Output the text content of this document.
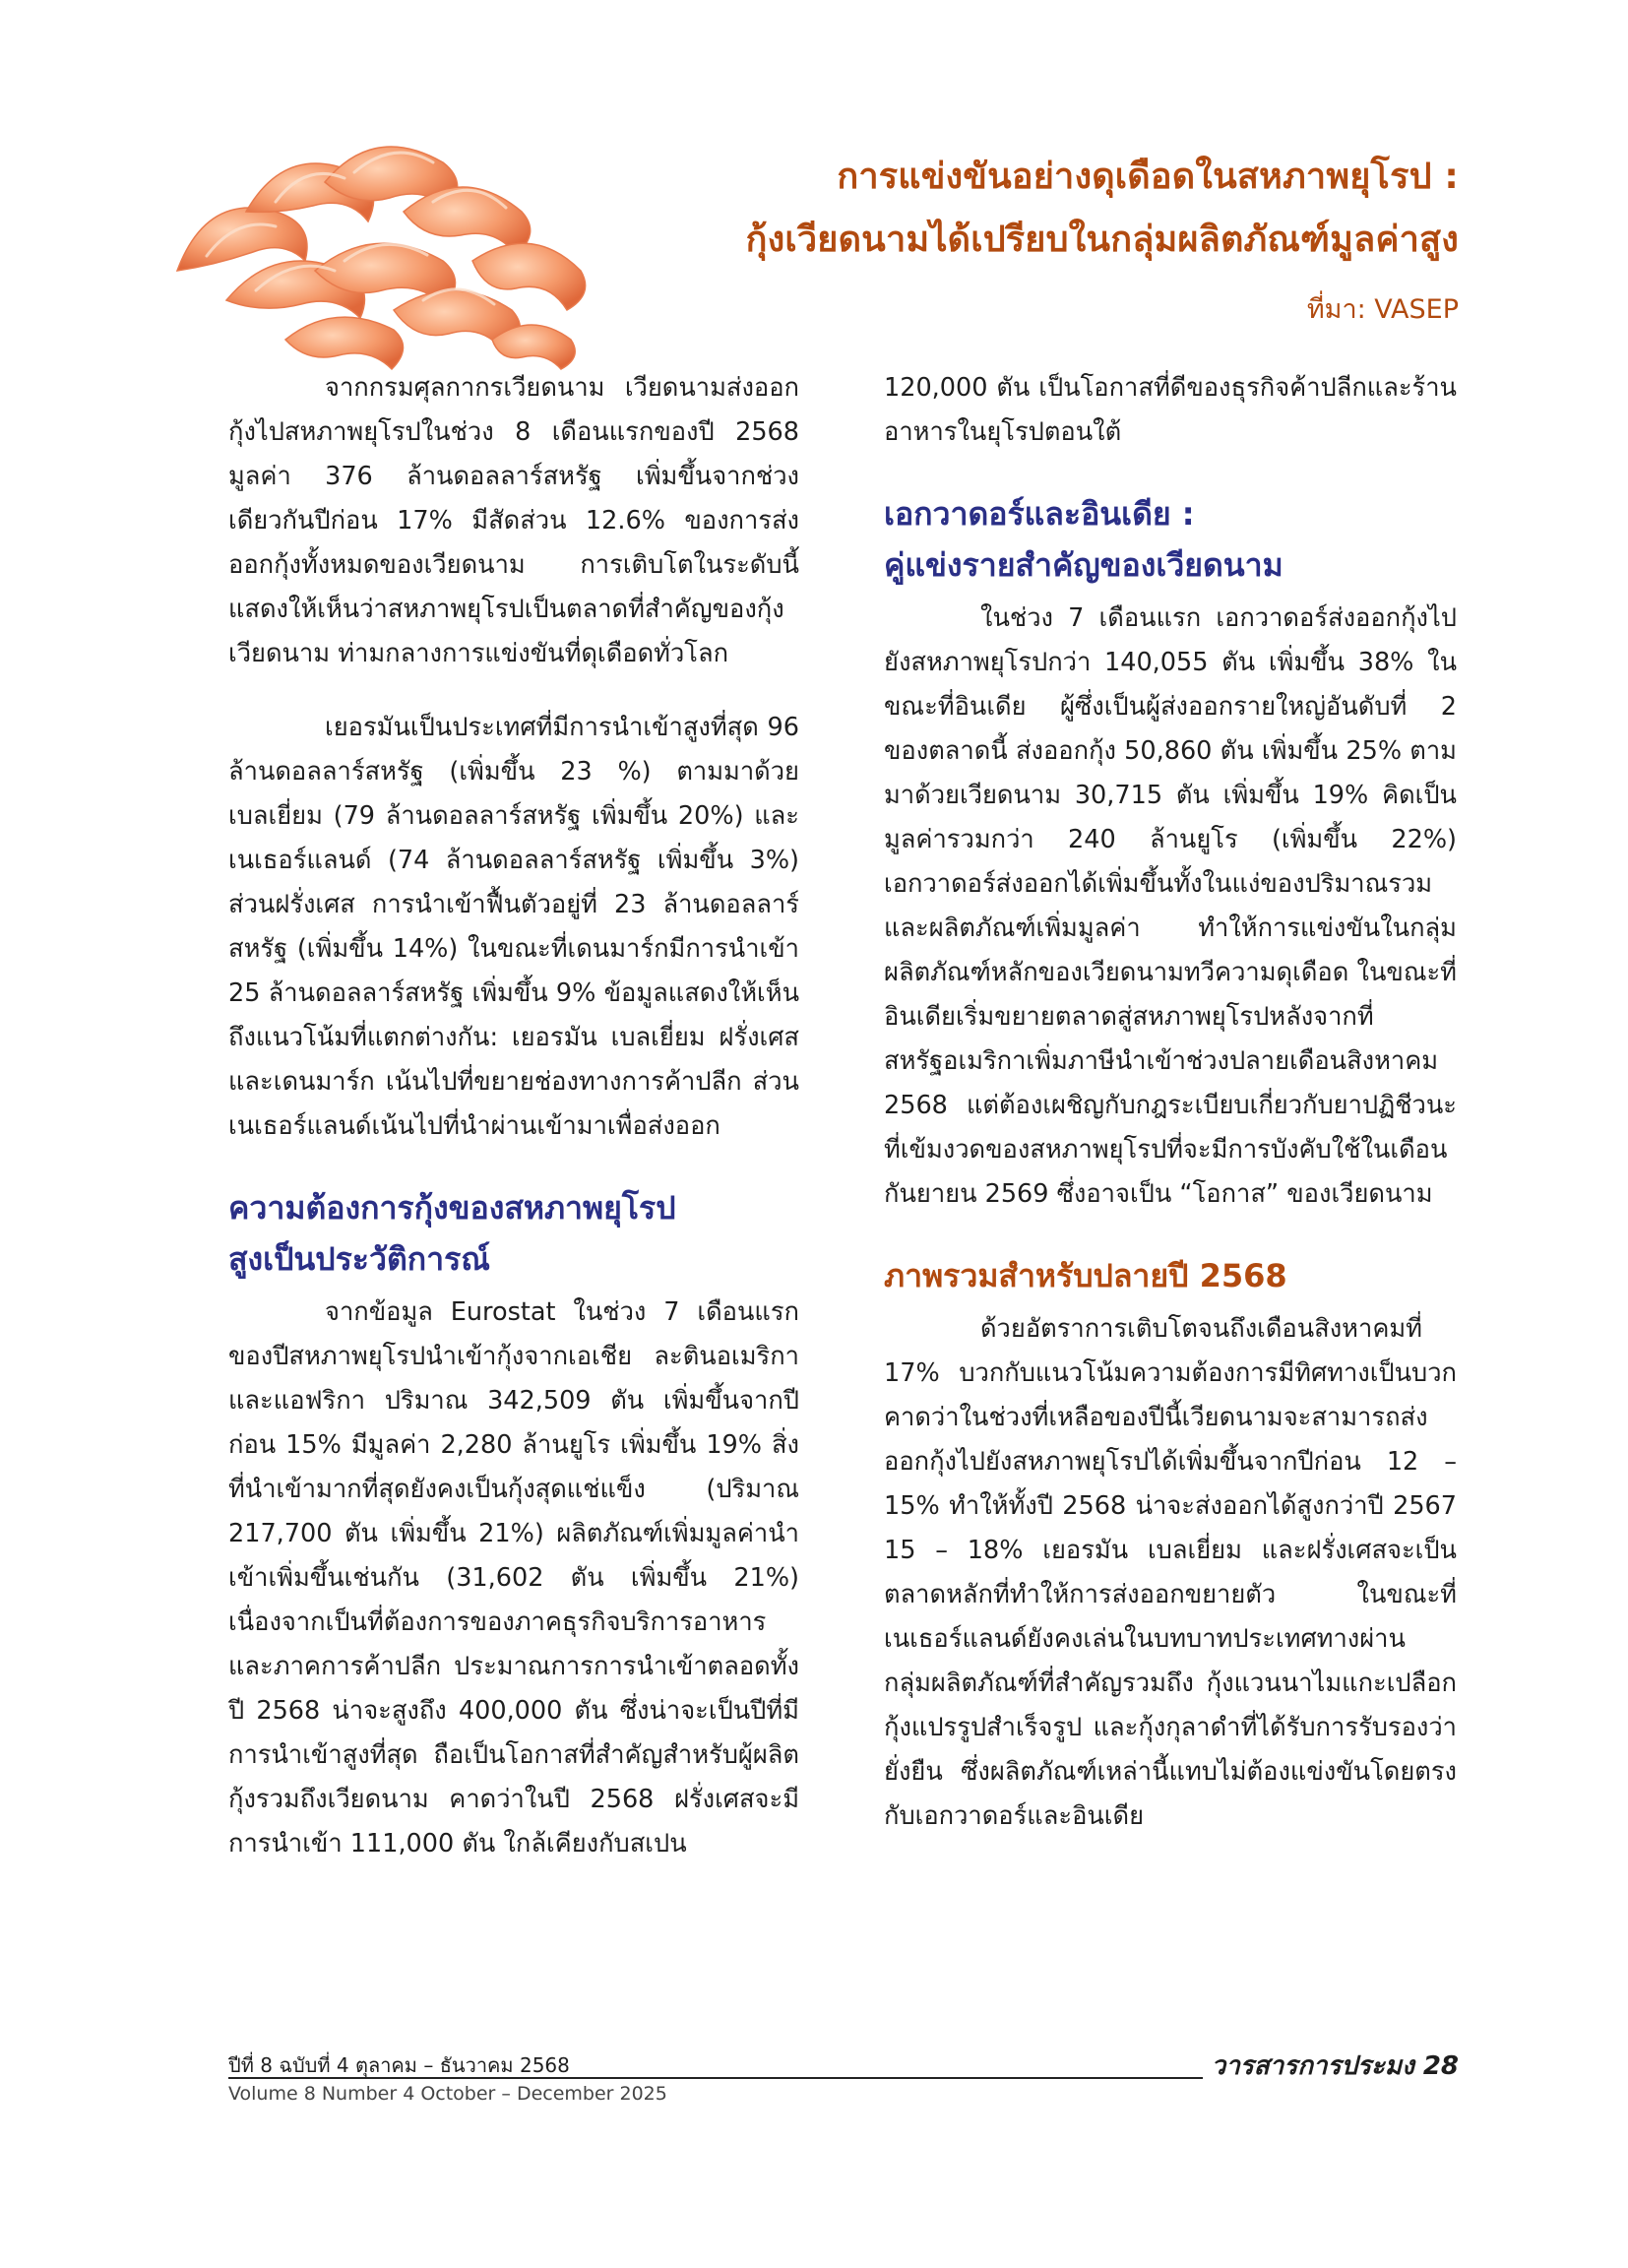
การแข่งขันอย่างดุเดือดในสหภาพยุโรป :
กุ้งเวียดนามได้เปรียบในกลุ่มผลิตภัณฑ์มูลค่าสูง
ที่มา: VASEP

จากกรมศุลกากรเวียดนาม เวียดนามส่งออกกุ้งไปสหภาพยุโรปในช่วง 8 เดือนแรกของปี 2568 มูลค่า 376 ล้านดอลลาร์สหรัฐ เพิ่มขึ้นจากช่วงเดียวกันปีก่อน 17% มีสัดส่วน 12.6% ของการส่งออกกุ้งทั้งหมดของเวียดนาม การเติบโตในระดับนี้แสดงให้เห็นว่าสหภาพยุโรปเป็นตลาดที่สำคัญของกุ้งเวียดนาม ท่ามกลางการแข่งขันที่ดุเดือดทั่วโลก

เยอรมันเป็นประเทศที่มีการนำเข้าสูงที่สุด 96 ล้านดอลลาร์สหรัฐ (เพิ่มขึ้น 23 %) ตามมาด้วยเบลเยี่ยม (79 ล้านดอลลาร์สหรัฐ เพิ่มขึ้น 20%) และเนเธอร์แลนด์ (74 ล้านดอลลาร์สหรัฐ เพิ่มขึ้น 3%) ส่วนฝรั่งเศส การนำเข้าฟื้นตัวอยู่ที่ 23 ล้านดอลลาร์สหรัฐ (เพิ่มขึ้น 14%) ในขณะที่เดนมาร์กมีการนำเข้า 25 ล้านดอลลาร์สหรัฐ เพิ่มขึ้น 9% ข้อมูลแสดงให้เห็นถึงแนวโน้มที่แตกต่างกัน: เยอรมัน เบลเยี่ยม ฝรั่งเศส และเดนมาร์ก เน้นไปที่ขยายช่องทางการค้าปลีก ส่วนเนเธอร์แลนด์เน้นไปที่นำผ่านเข้ามาเพื่อส่งออก

ความต้องการกุ้งของสหภาพยุโรป
สูงเป็นประวัติการณ์

จากข้อมูล Eurostat ในช่วง 7 เดือนแรกของปีสหภาพยุโรปนำเข้ากุ้งจากเอเชีย ละตินอเมริกา และแอฟริกา ปริมาณ 342,509 ตัน เพิ่มขึ้นจากปีก่อน 15% มีมูลค่า 2,280 ล้านยูโร เพิ่มขึ้น 19% สิ่งที่นำเข้ามากที่สุดยังคงเป็นกุ้งสุดแช่แข็ง (ปริมาณ 217,700 ตัน เพิ่มขึ้น 21%) ผลิตภัณฑ์เพิ่มมูลค่านำเข้าเพิ่มขึ้นเช่นกัน (31,602 ตัน เพิ่มขึ้น 21%) เนื่องจากเป็นที่ต้องการของภาคธุรกิจบริการอาหารและภาคการค้าปลีก ประมาณการการนำเข้าตลอดทั้งปี 2568 น่าจะสูงถึง 400,000 ตัน ซึ่งน่าจะเป็นปีที่มีการนำเข้าสูงที่สุด ถือเป็นโอกาสที่สำคัญสำหรับผู้ผลิตกุ้งรวมถึงเวียดนาม คาดว่าในปี 2568 ฝรั่งเศสจะมีการนำเข้า 111,000 ตัน ใกล้เคียงกับสเปน

120,000 ตัน เป็นโอกาสที่ดีของธุรกิจค้าปลีกและร้านอาหารในยุโรปตอนใต้

เอกวาดอร์และอินเดีย :
คู่แข่งรายสำคัญของเวียดนาม

ในช่วง 7 เดือนแรก เอกวาดอร์ส่งออกกุ้งไปยังสหภาพยุโรปกว่า 140,055 ตัน เพิ่มขึ้น 38% ในขณะที่อินเดีย ผู้ซึ่งเป็นผู้ส่งออกรายใหญ่อันดับที่ 2 ของตลาดนี้ ส่งออกกุ้ง 50,860 ตัน เพิ่มขึ้น 25% ตามมาด้วยเวียดนาม 30,715 ตัน เพิ่มขึ้น 19% คิดเป็นมูลค่ารวมกว่า 240 ล้านยูโร (เพิ่มขึ้น 22%) เอกวาดอร์ส่งออกได้เพิ่มขึ้นทั้งในแง่ของปริมาณรวมและผลิตภัณฑ์เพิ่มมูลค่า ทำให้การแข่งขันในกลุ่มผลิตภัณฑ์หลักของเวียดนามทวีความดุเดือด ในขณะที่อินเดียเริ่มขยายตลาดสู่สหภาพยุโรปหลังจากที่สหรัฐอเมริกาเพิ่มภาษีนำเข้าช่วงปลายเดือนสิงหาคม 2568 แต่ต้องเผชิญกับกฎระเบียบเกี่ยวกับยาปฏิชีวนะที่เข้มงวดของสหภาพยุโรปที่จะมีการบังคับใช้ในเดือนกันยายน 2569 ซึ่งอาจเป็น “โอกาส” ของเวียดนาม

ภาพรวมสำหรับปลายปี 2568

ด้วยอัตราการเติบโตจนถึงเดือนสิงหาคมที่ 17% บวกกับแนวโน้มความต้องการมีทิศทางเป็นบวก คาดว่าในช่วงที่เหลือของปีนี้เวียดนามจะสามารถส่งออกกุ้งไปยังสหภาพยุโรปได้เพิ่มขึ้นจากปีก่อน 12 – 15% ทำให้ทั้งปี 2568 น่าจะส่งออกได้สูงกว่าปี 2567 15 – 18% เยอรมัน เบลเยี่ยม และฝรั่งเศสจะเป็นตลาดหลักที่ทำให้การส่งออกขยายตัว ในขณะที่เนเธอร์แลนด์ยังคงเล่นในบทบาทประเทศทางผ่าน กลุ่มผลิตภัณฑ์ที่สำคัญรวมถึง กุ้งแวนนาไมแกะเปลือก กุ้งแปรรูปสำเร็จรูป และกุ้งกุลาดำที่ได้รับการรับรองว่ายั่งยืน ซึ่งผลิตภัณฑ์เหล่านี้แทบไม่ต้องแข่งขันโดยตรงกับเอกวาดอร์และอินเดีย

ปีที่ 8 ฉบับที่ 4 ตุลาคม – ธันวาคม 2568
Volume 8 Number 4 October – December 2025
วารสารการประมง 28
